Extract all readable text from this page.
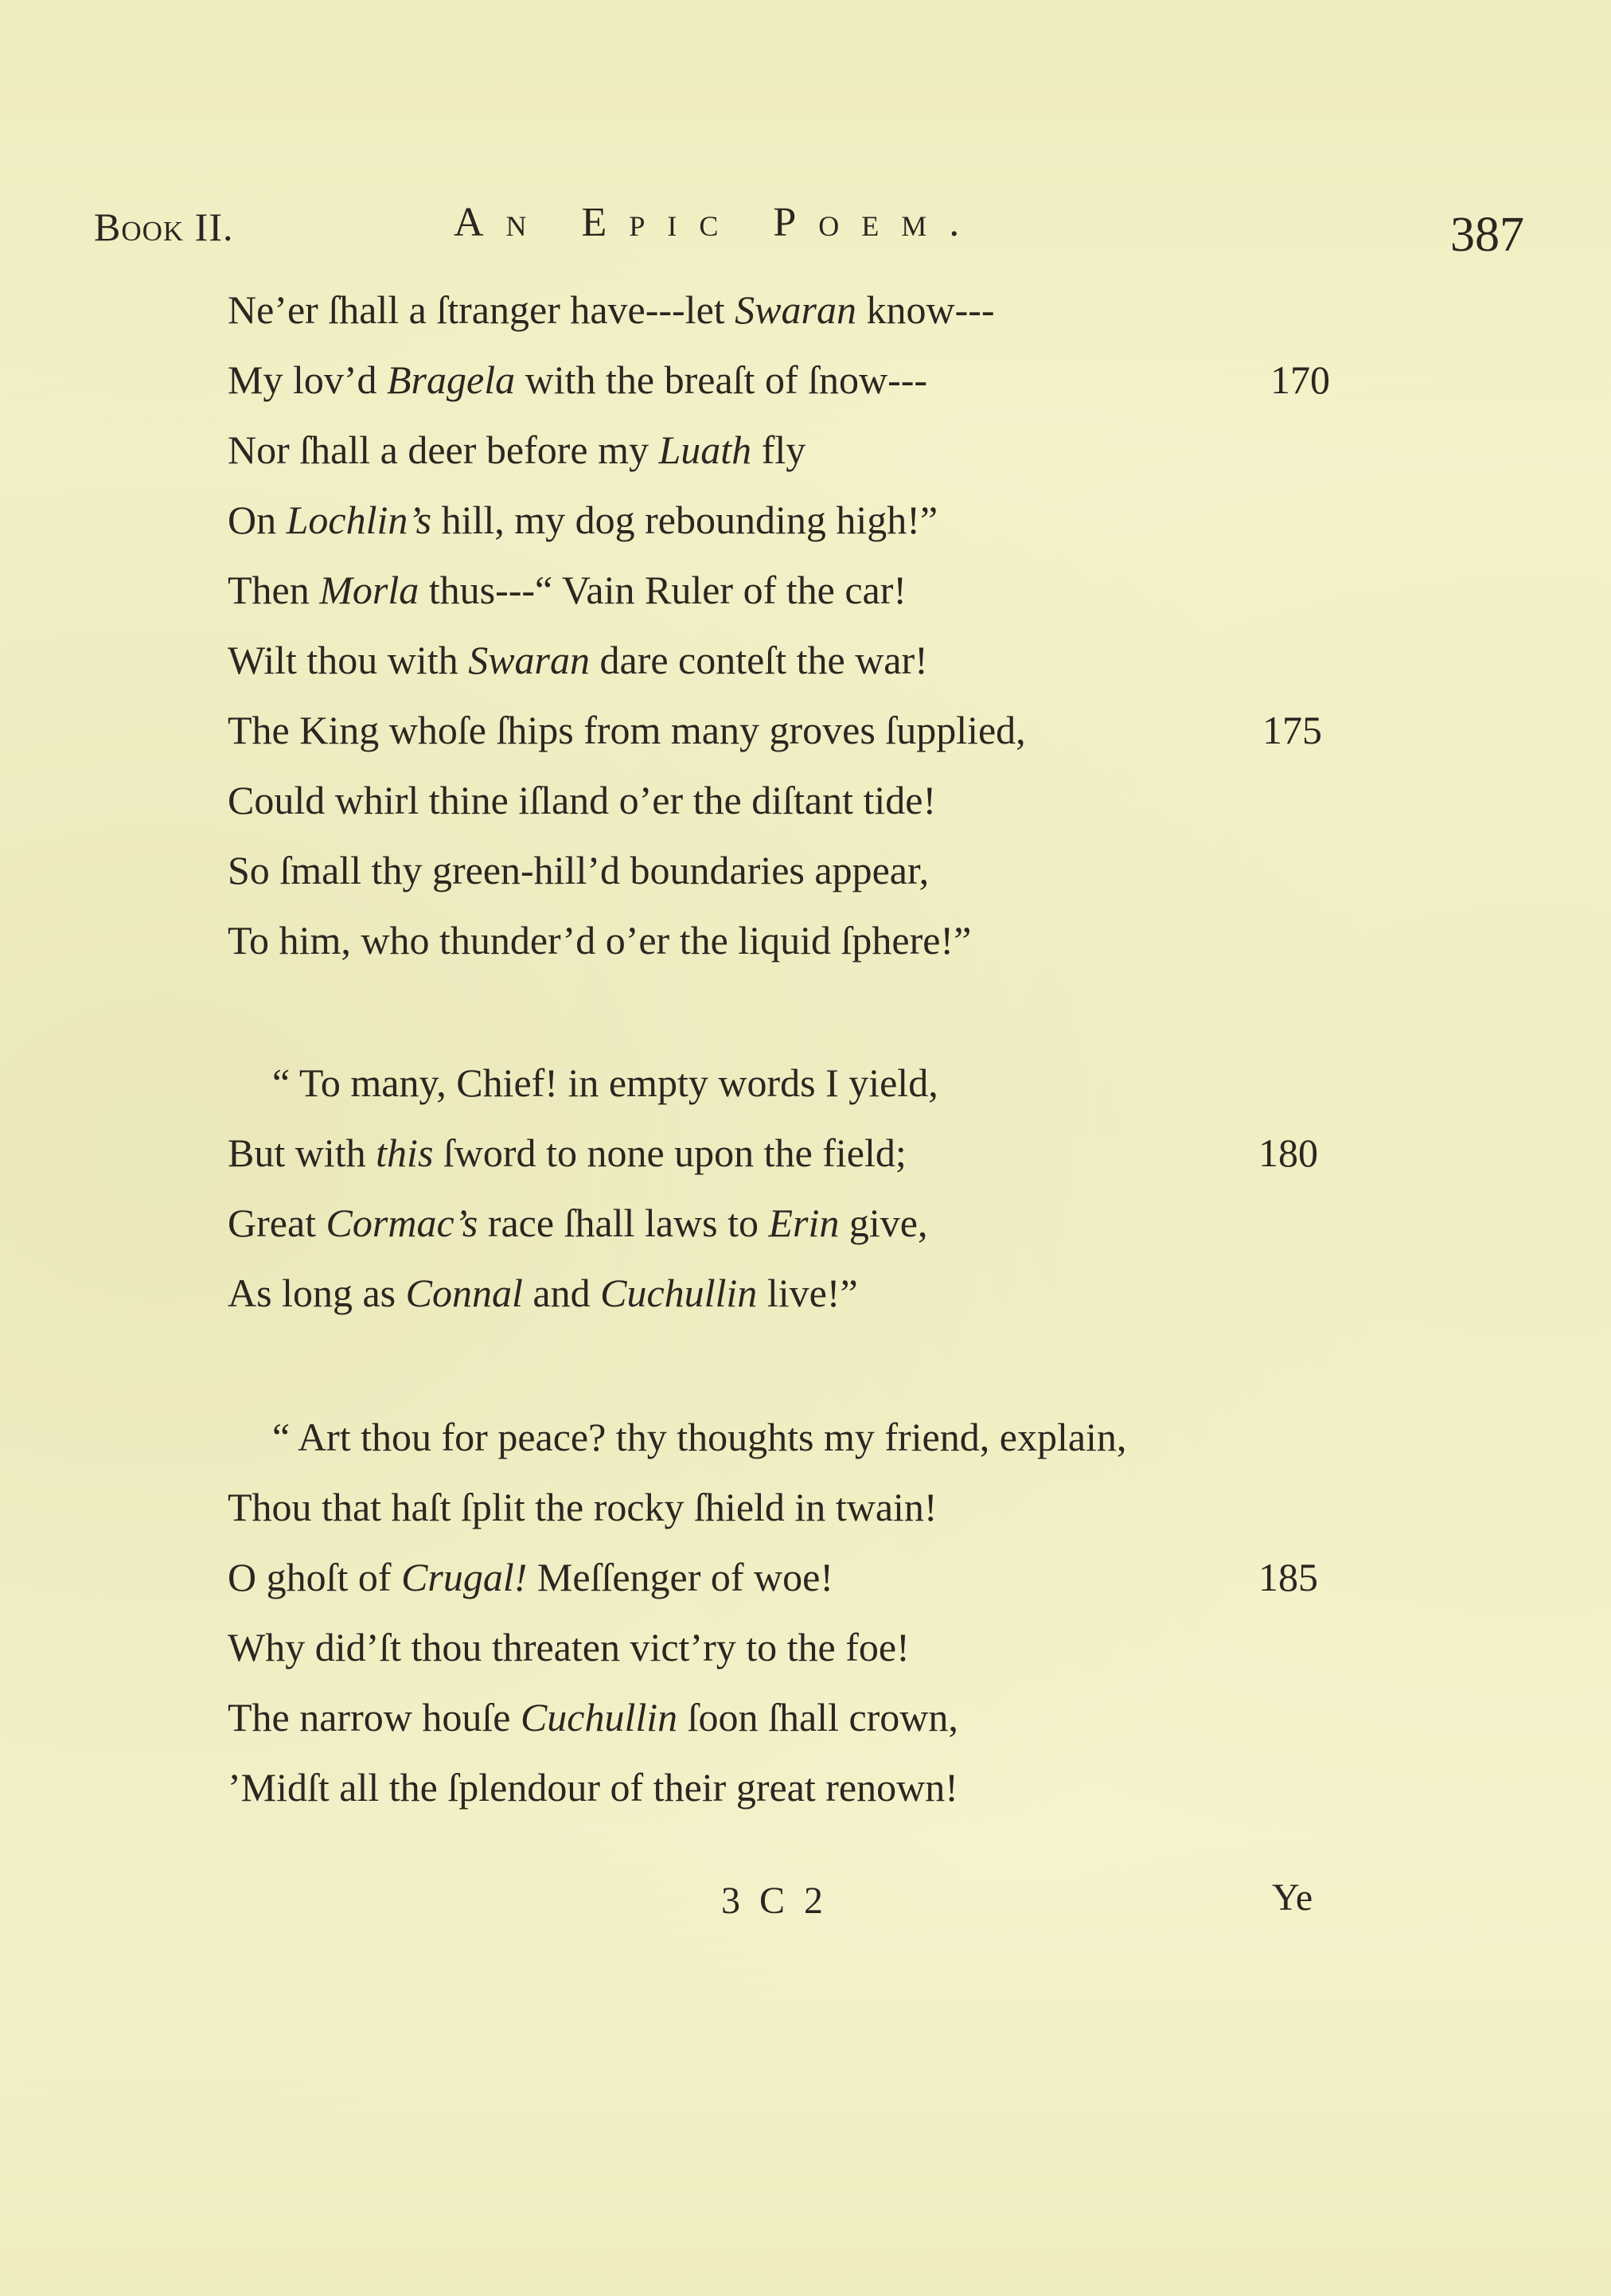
Book II.	An Epic Poem.	387
Ne’er ſhall a ſtranger have---let Swaran know---
My lov’d Bragela with the breaſt of ſnow---	170
Nor ſhall a deer before my Luath fly
On Lochlin’s hill, my dog rebounding high!”
Then Morla thus---“ Vain Ruler of the car!
Wilt thou with Swaran dare conteſt the war!
The King whoſe ſhips from many groves ſupplied,	175
Could whirl thine iſland o’er the diſtant tide!
So ſmall thy green-hill’d boundaries appear,
To him, who thunder’d o’er the liquid ſphere!”
“ To many, Chief! in empty words I yield,
But with this ſword to none upon the field;	180
Great Cormac’s race ſhall laws to Erin give,
As long as Connal and Cuchullin live!”
“ Art thou for peace? thy thoughts my friend, explain,
Thou that haſt ſplit the rocky ſhield in twain!
O ghoſt of Crugal! Meſſenger of woe!	185
Why did’ſt thou threaten vict’ry to the foe!
The narrow houſe Cuchullin ſoon ſhall crown,
’Midſt all the ſplendour of their great renown!
3 C 2	Ye
